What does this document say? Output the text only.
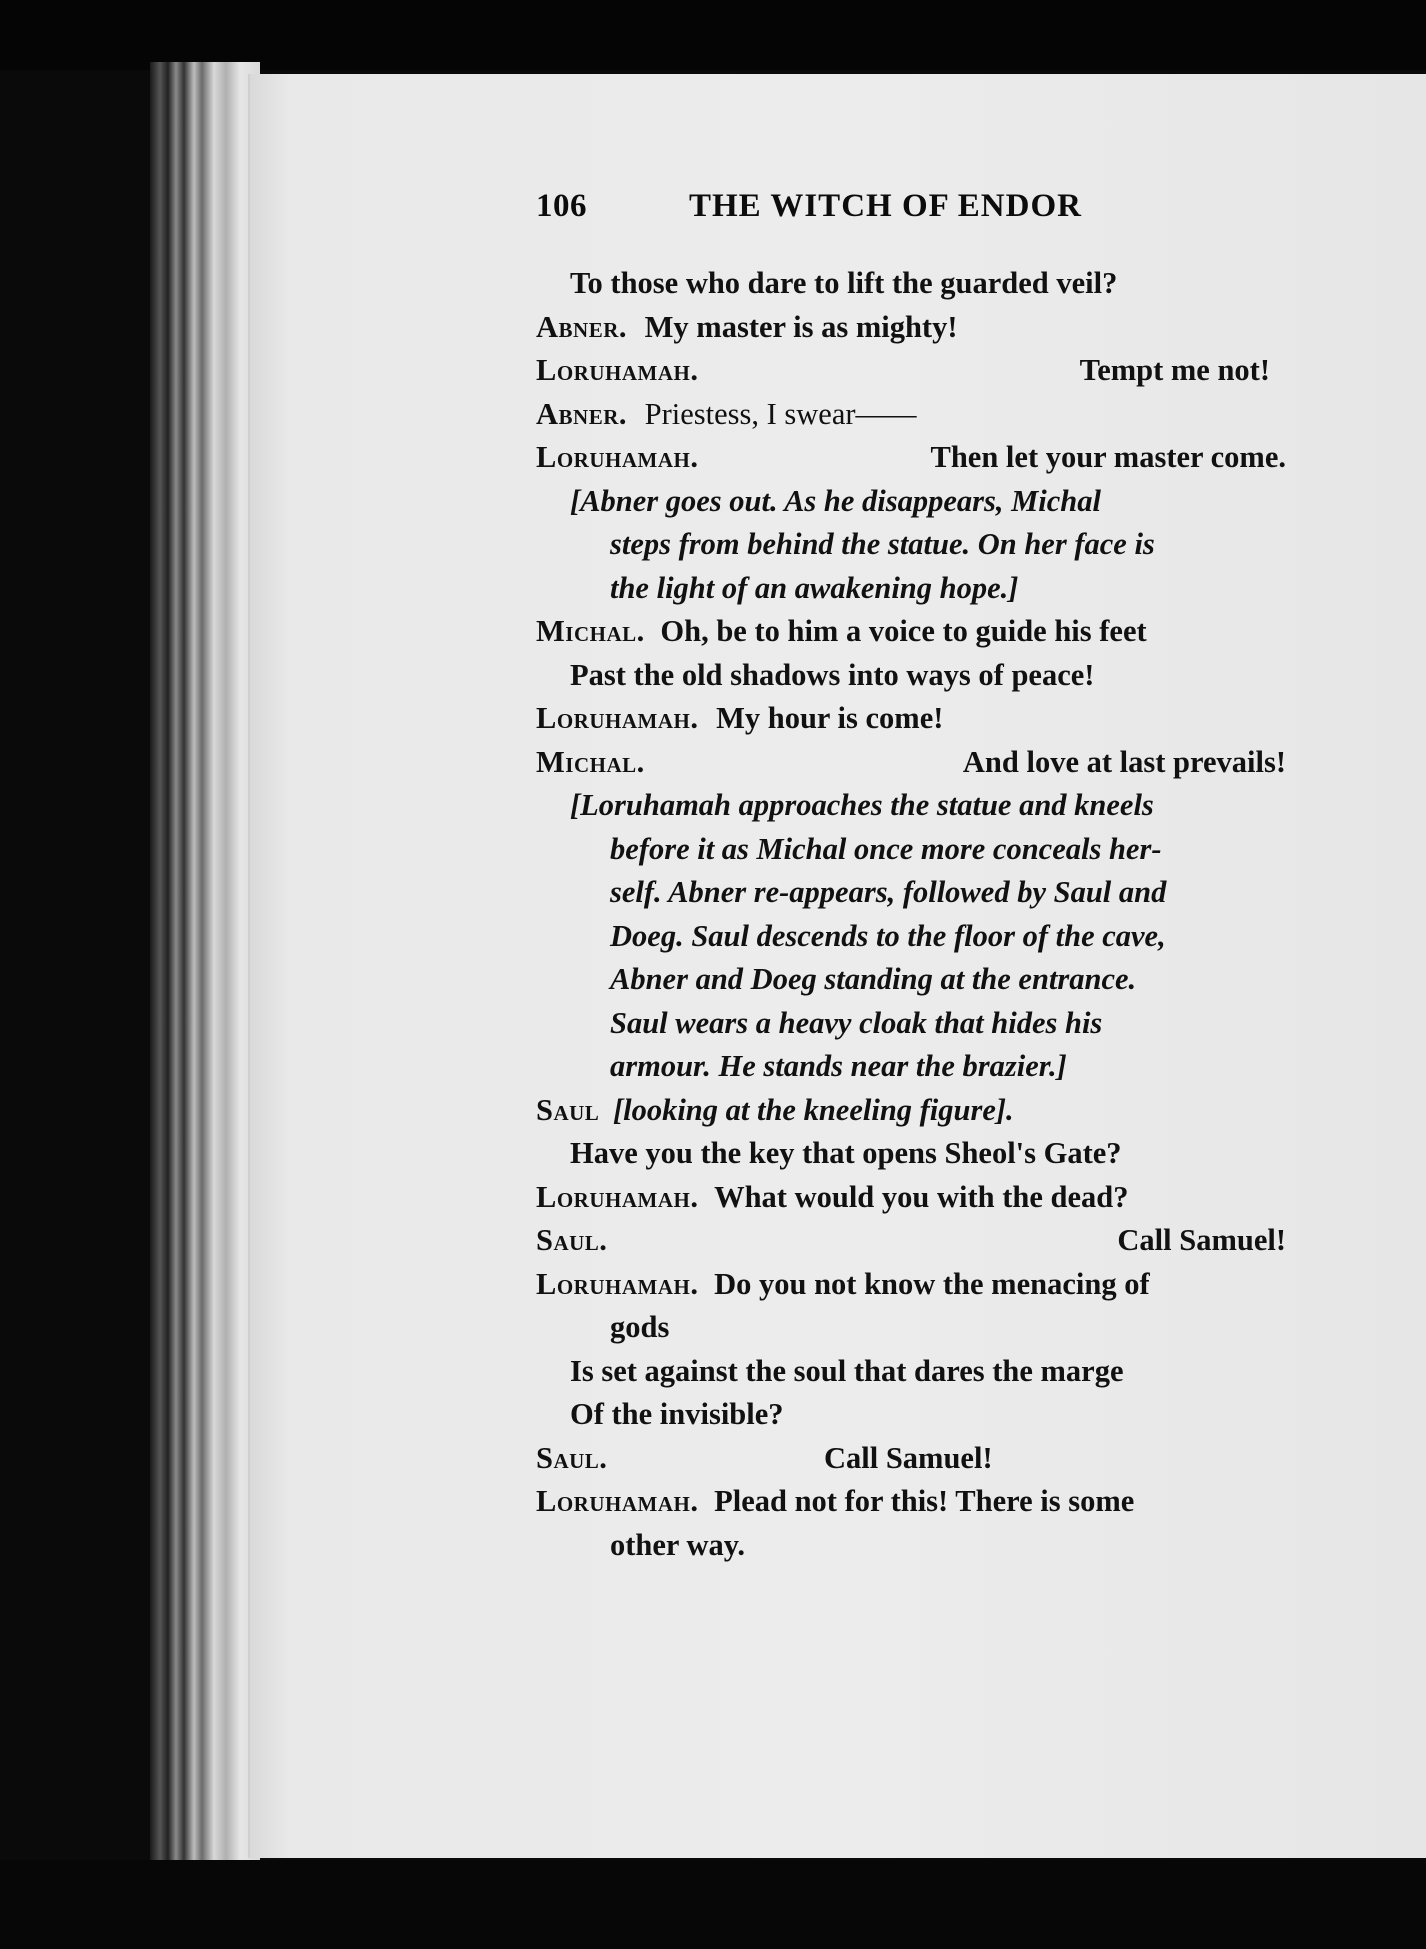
106	THE WITCH OF ENDOR
To those who dare to lift the guarded veil?
Abner. My master is as mighty!
Loruhamah.	Tempt me not!
Abner. Priestess, I swear——
Loruhamah.	Then let your master come.
[Abner goes out. As he disappears, Michal
steps from behind the statue. On her face is
the light of an awakening hope.]
Michal. Oh, be to him a voice to guide his feet
Past the old shadows into ways of peace!
Loruhamah. My hour is come!
Michal.	And love at last prevails!
[Loruhamah approaches the statue and kneels
before it as Michal once more conceals her-
self. Abner re-appears, followed by Saul and
Doeg. Saul descends to the floor of the cave,
Abner and Doeg standing at the entrance.
Saul wears a heavy cloak that hides his
armour. He stands near the brazier.]
Saul [looking at the kneeling figure].
Have you the key that opens Sheol's Gate?
Loruhamah. What would you with the dead?
Saul.	Call Samuel!
Loruhamah. Do you not know the menacing of
gods
Is set against the soul that dares the marge
Of the invisible?
Saul.	Call Samuel!
Loruhamah. Plead not for this! There is some
other way.
